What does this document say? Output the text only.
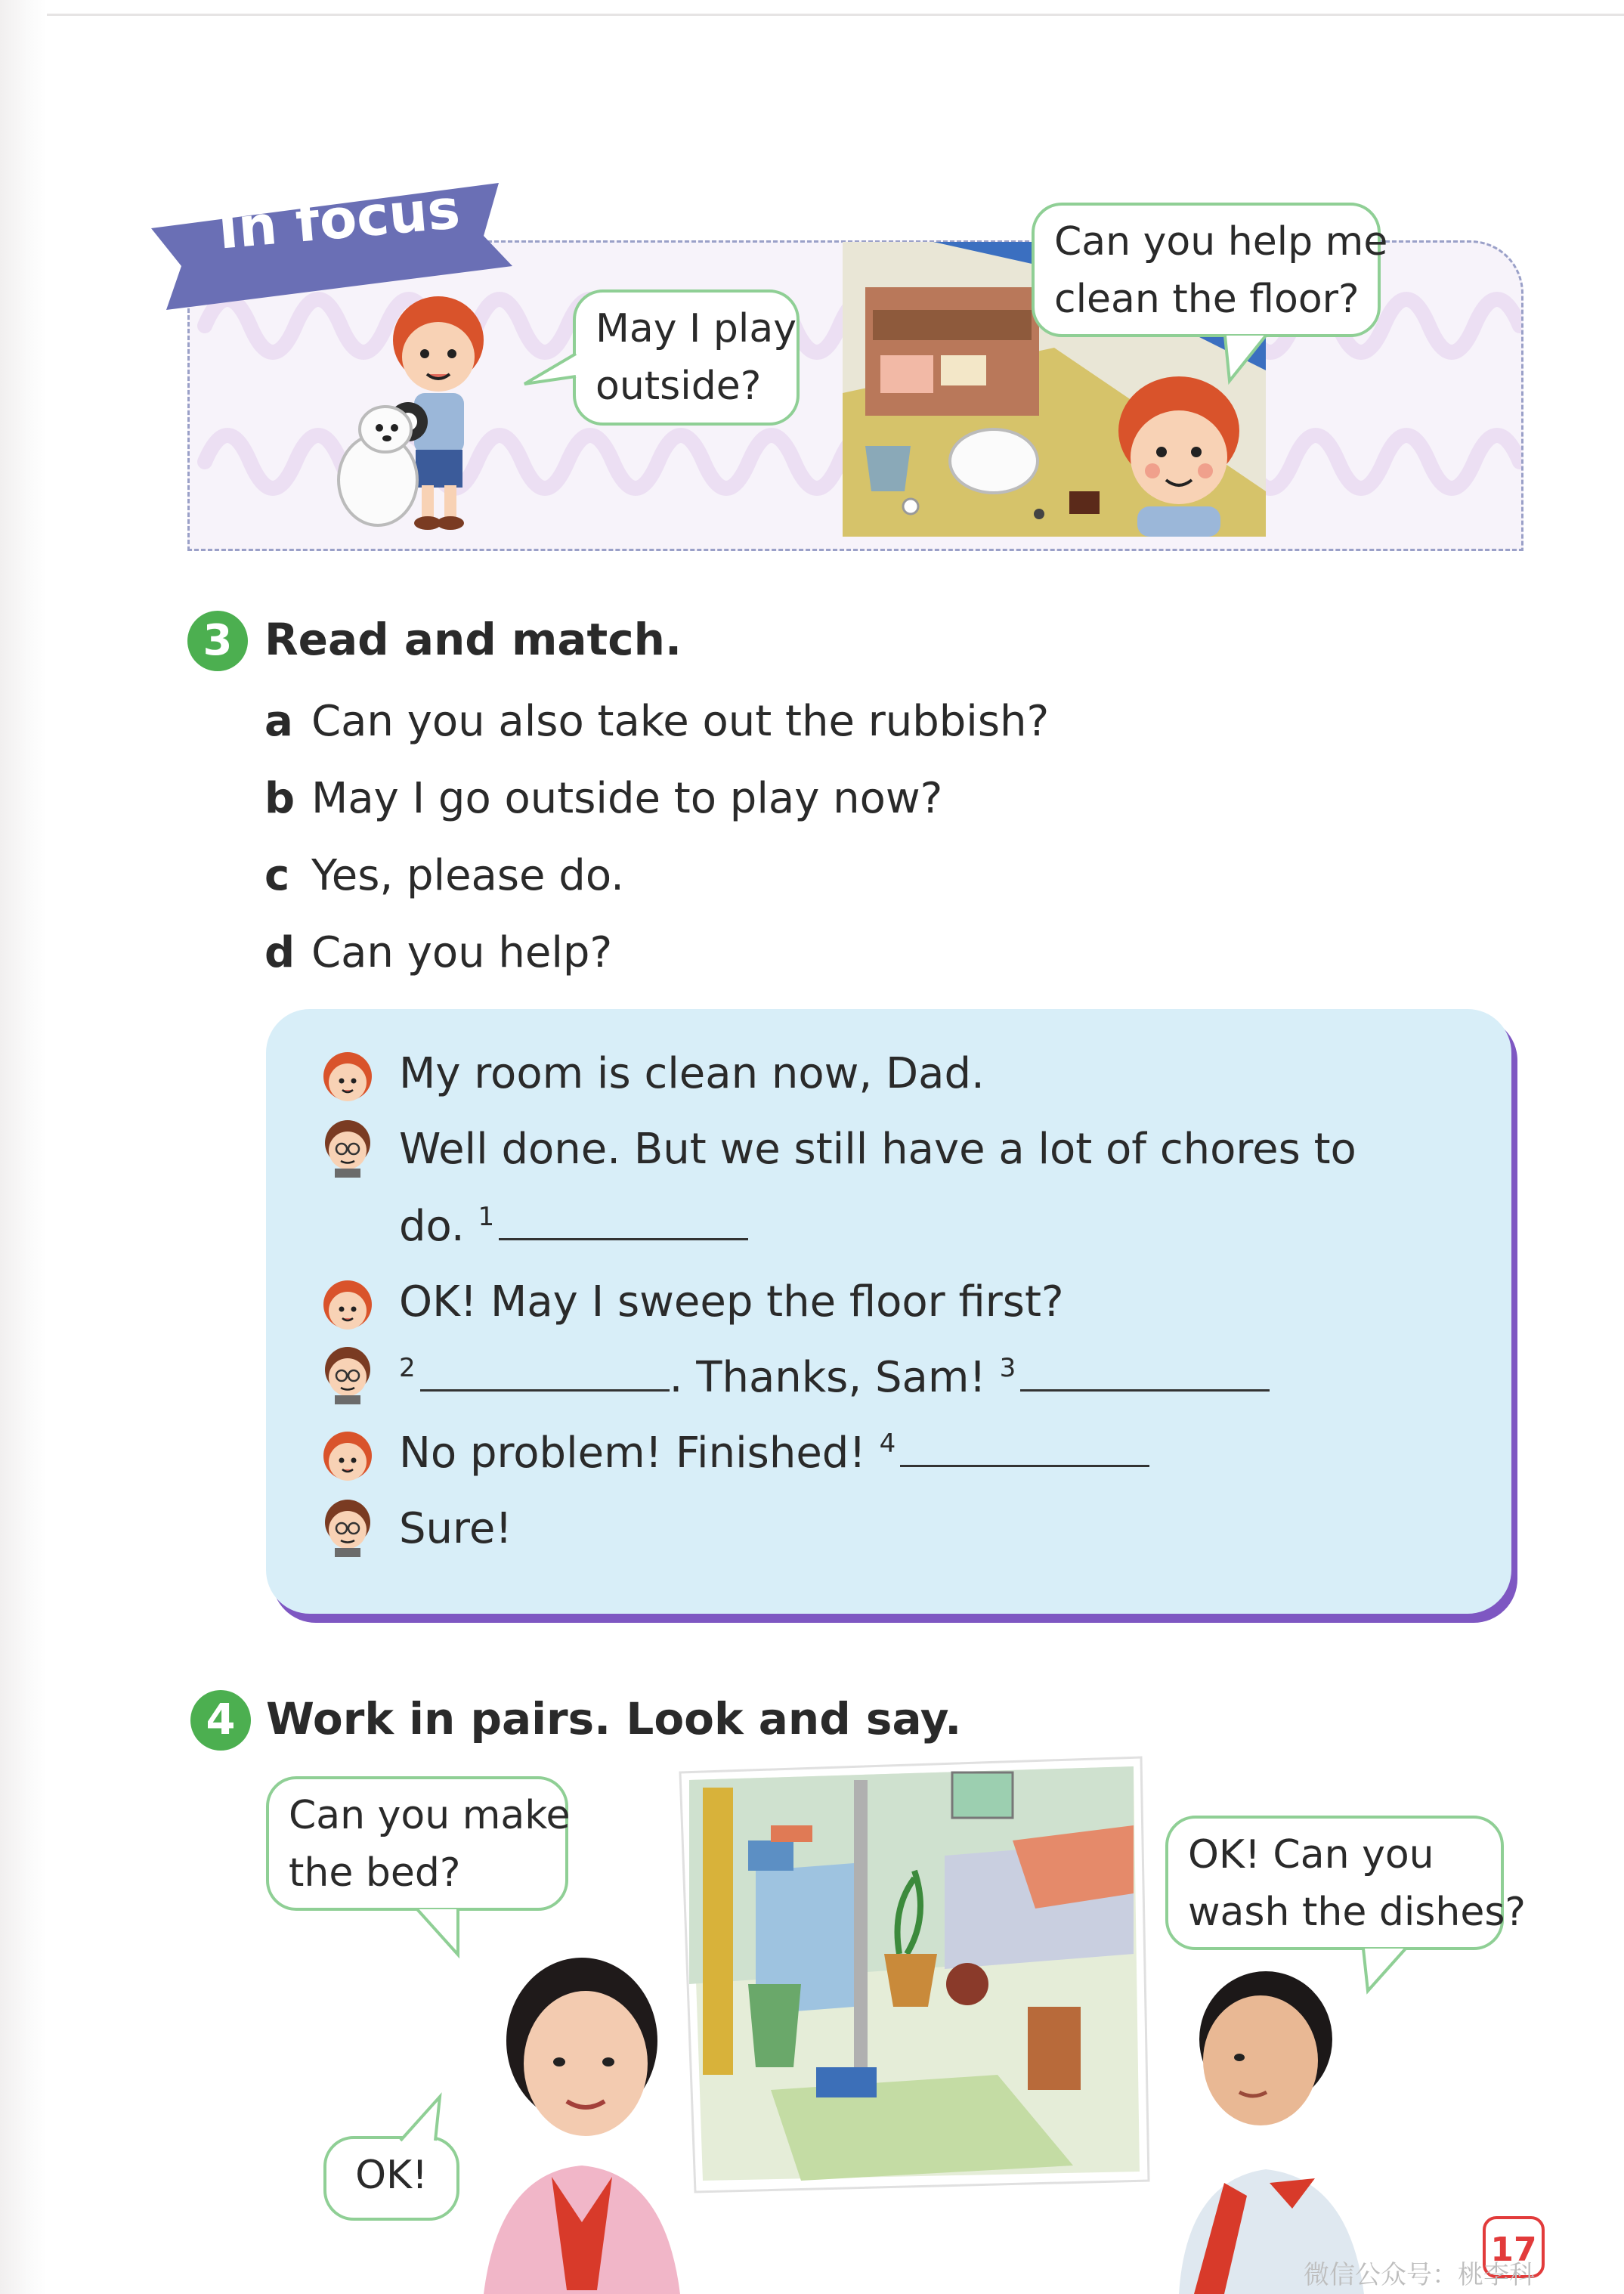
In focus
May I play
outside?
Can you help me
clean the floor?
3 Read and match.
a Can you also take out the rubbish?
b May I go outside to play now?
c Yes, please do.
d Can you help?
My room is clean now, Dad.
Well done. But we still have a lot of chores to
do. $^1$
OK! May I sweep the floor first?
$^2$	. Thanks, Sam! $^3$
No problem! Finished! $^4$
Sure!
4 Work in pairs. Look and say.
Can you make
the bed?	OK! Can you
wash the dishes?
OK!
17
微信公众号：桃李科
